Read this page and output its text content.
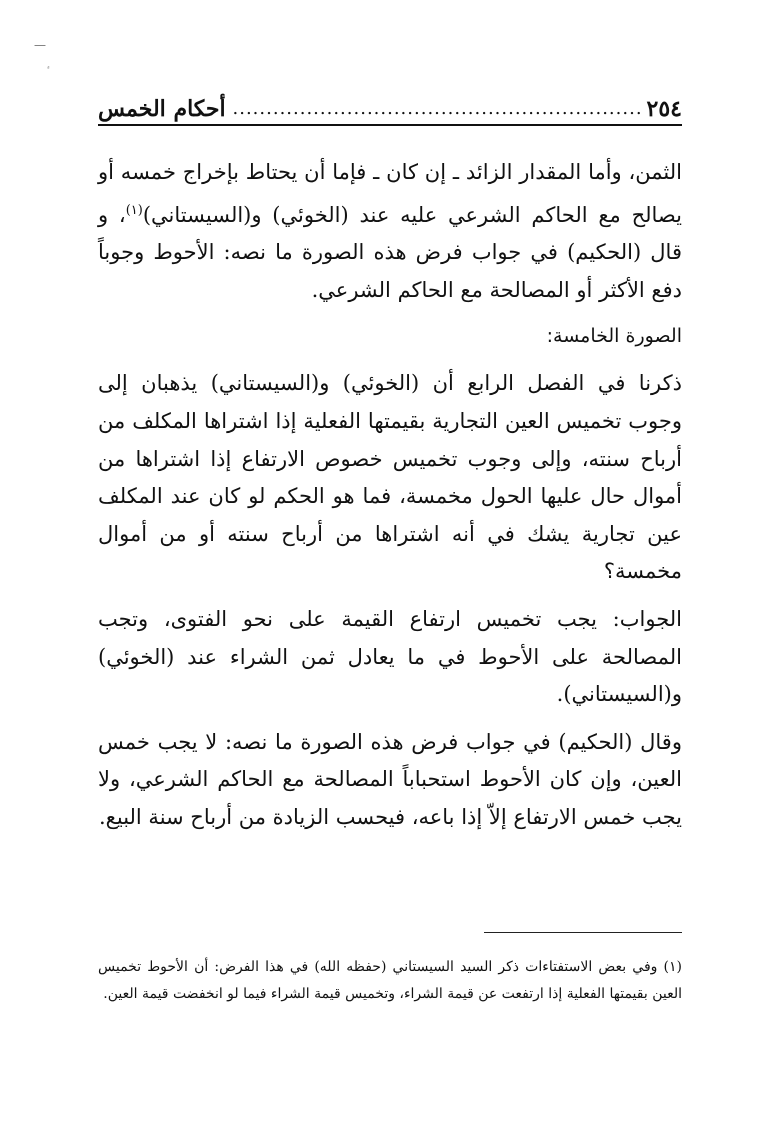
—
٢٥٤
.....
أحكام الخمس

الثمن، وأما المقدار الزائد ـ إن كان ـ فإما أن يحتاط بإخراج خمسه أو يصالح مع الحاكم الشرعي عليه عند (الخوئي) و(السيستاني)$^{(١)}$، و قال (الحكيم) في جواب فرض هذه الصورة ما نصه: الأحوط وجوباً دفع الأكثر أو المصالحة مع الحاكم الشرعي.

الصورة الخامسة:

ذكرنا في الفصل الرابع أن (الخوئي) و(السيستاني) يذهبان إلى وجوب تخميس العين التجارية بقيمتها الفعلية إذا اشتراها المكلف من أرباح سنته، وإلى وجوب تخميس خصوص الارتفاع إذا اشتراها من أموال حال عليها الحول مخمسة، فما هو الحكم لو كان عند المكلف عين تجارية يشك في أنه اشتراها من أرباح سنته أو من أموال مخمسة؟

الجواب: يجب تخميس ارتفاع القيمة على نحو الفتوى، وتجب المصالحة على الأحوط في ما يعادل ثمن الشراء عند (الخوئي) و(السيستاني).

وقال (الحكيم) في جواب فرض هذه الصورة ما نصه: لا يجب خمس العين، وإن كان الأحوط استحباباً المصالحة مع الحاكم الشرعي، ولا يجب خمس الارتفاع إلاّ إذا باعه، فيحسب الزيادة من أرباح سنة البيع.

(١) وفي بعض الاستفتاءات ذكر السيد السيستاني (حفظه الله) في هذا الفرض: أن الأحوط تخميس العين بقيمتها الفعلية إذا ارتفعت عن قيمة الشراء، وتخميس قيمة الشراء فيما لو انخفضت قيمة العين.
